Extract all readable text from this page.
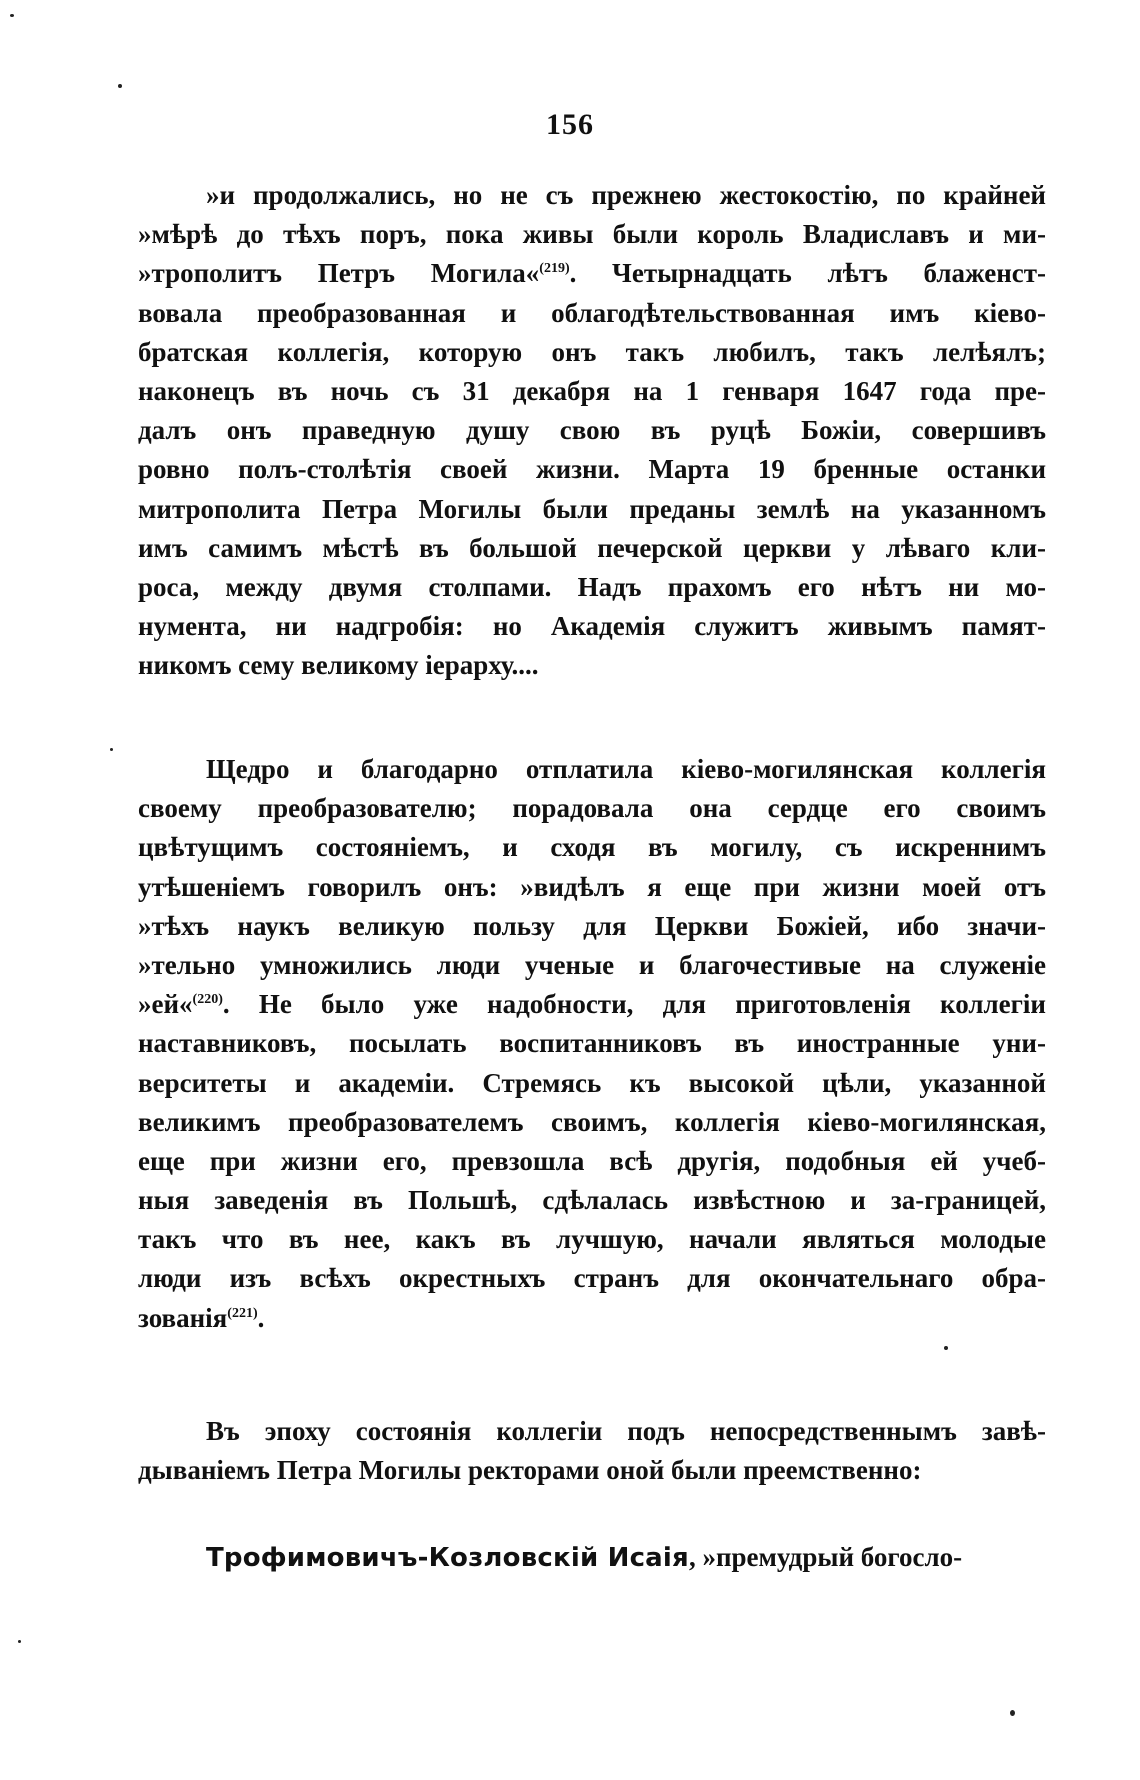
156
»и продолжались, но не съ прежнею жестокостію, по крайней
»мѣрѣ до тѣхъ поръ, пока живы были король Владиславъ и ми-
»трополитъ Петръ Могила«$^{(219)}$. Четырнадцать лѣтъ блаженст-
вовала преобразованная и облагодѣтельствованная имъ кіево-
братская коллегія, которую онъ такъ любилъ, такъ лелѣялъ;
наконецъ въ ночь съ 31 декабря на 1 генваря 1647 года пре-
далъ онъ праведную душу свою въ руцѣ Божіи, совершивъ
ровно полъ-столѣтія своей жизни. Марта 19 бренные останки
митрополита Петра Могилы были преданы землѣ на указанномъ
имъ самимъ мѣстѣ въ большой печерской церкви у лѣваго кли-
роса, между двумя столпами. Надъ прахомъ его нѣтъ ни мо-
нумента, ни надгробія: но Академія служитъ живымъ памят-
никомъ сему великому іерарху....
Щедро и благодарно отплатила кіево-могилянская коллегія
своему преобразователю; порадовала она сердце его своимъ
цвѣтущимъ состояніемъ, и сходя въ могилу, съ искреннимъ
утѣшеніемъ говорилъ онъ: »видѣлъ я еще при жизни моей отъ
»тѣхъ наукъ великую пользу для Церкви Божіей, ибо значи-
»тельно умножились люди ученые и благочестивые на служеніе
»ей«$^{(220)}$. Не было уже надобности, для приготовленія коллегіи
наставниковъ, посылать воспитанниковъ въ иностранные уни-
верситеты и академіи. Стремясь къ высокой цѣли, указанной
великимъ преобразователемъ своимъ, коллегія кіево-могилянская,
еще при жизни его, превзошла всѣ другія, подобныя ей учеб-
ныя заведенія въ Польшѣ, сдѣлалась извѣстною и за-границей,
такъ что въ нее, какъ въ лучшую, начали являться молодые
люди изъ всѣхъ окрестныхъ странъ для окончательнаго обра-
зованія$^{(221)}$.
Въ эпоху состоянія коллегіи подъ непосредственнымъ завѣ-
дываніемъ Петра Могилы ректорами оной были преемственно:
Трофимовичъ-Козловскій Исаія, »премудрый богосло-
